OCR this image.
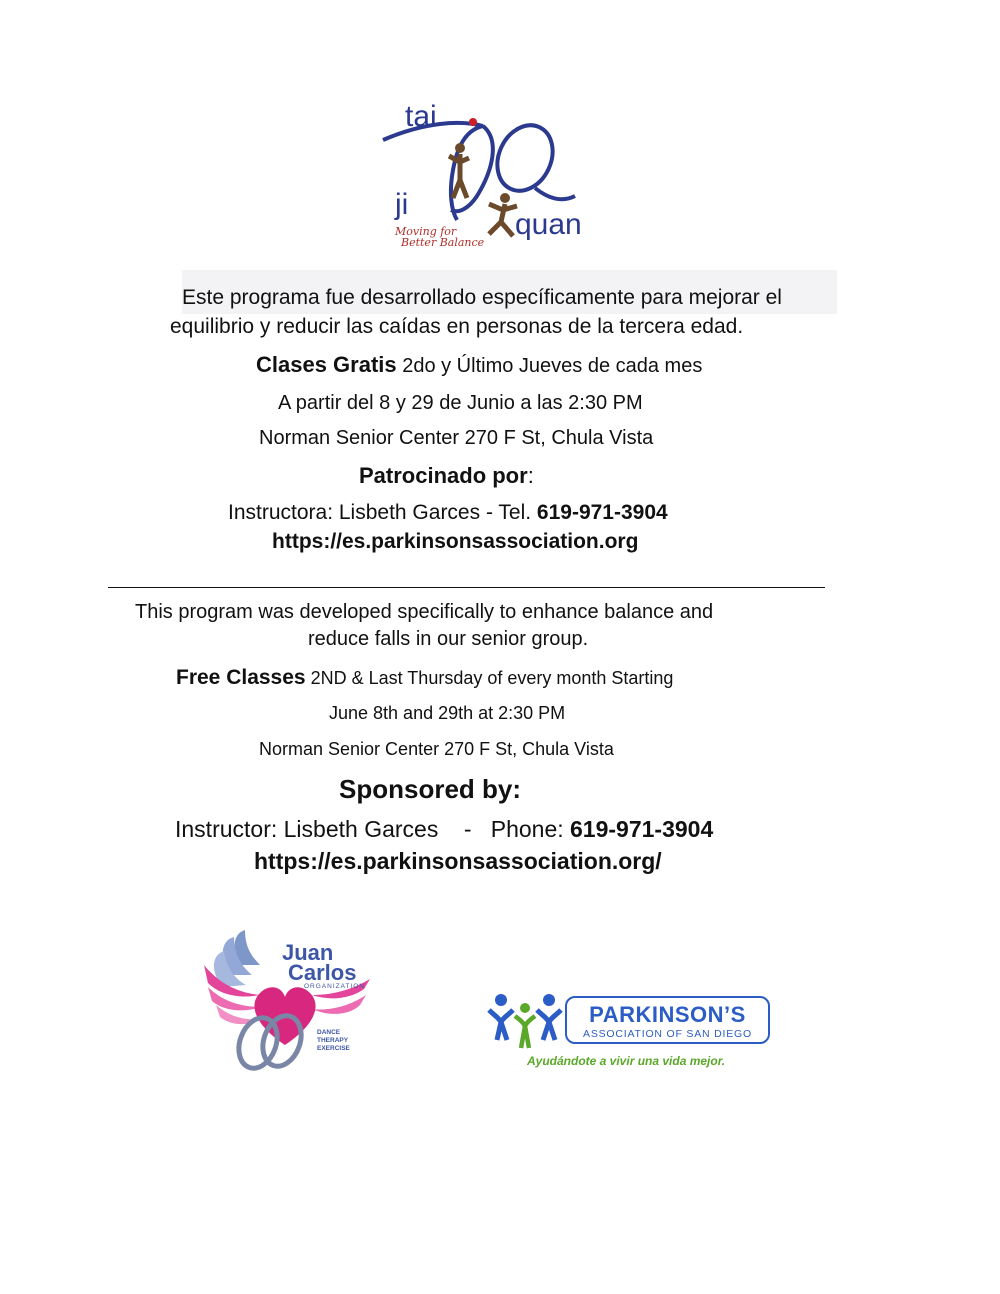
tai
ji
quan
Moving for
Better Balance
Este programa fue desarrollado específicamente para mejorar el
equilibrio y reducir las caídas en personas de la tercera edad.
Clases Gratis 2do y Último Jueves de cada mes
A partir del 8 y 29 de Junio a las 2:30 PM
Norman Senior Center 270 F St, Chula Vista
Patrocinado por:
Instructora: Lisbeth Garces - Tel. 619-971-3904
https://es.parkinsonsassociation.org
This program was developed specifically to enhance balance and
reduce falls in our senior group.
Free Classes 2ND & Last Thursday of every month Starting
June 8th and 29th at 2:30 PM
Norman Senior Center 270 F St, Chula Vista
Sponsored by:
Instructor: Lisbeth Garces    -   Phone: 619-971-3904
https://es.parkinsonsassociation.org/
Juan
Carlos
ORGANIZATION
DANCE
THERAPY
EXERCISE
PARKINSON’S
ASSOCIATION OF SAN DIEGO
Ayudándote a vivir una vida mejor.
